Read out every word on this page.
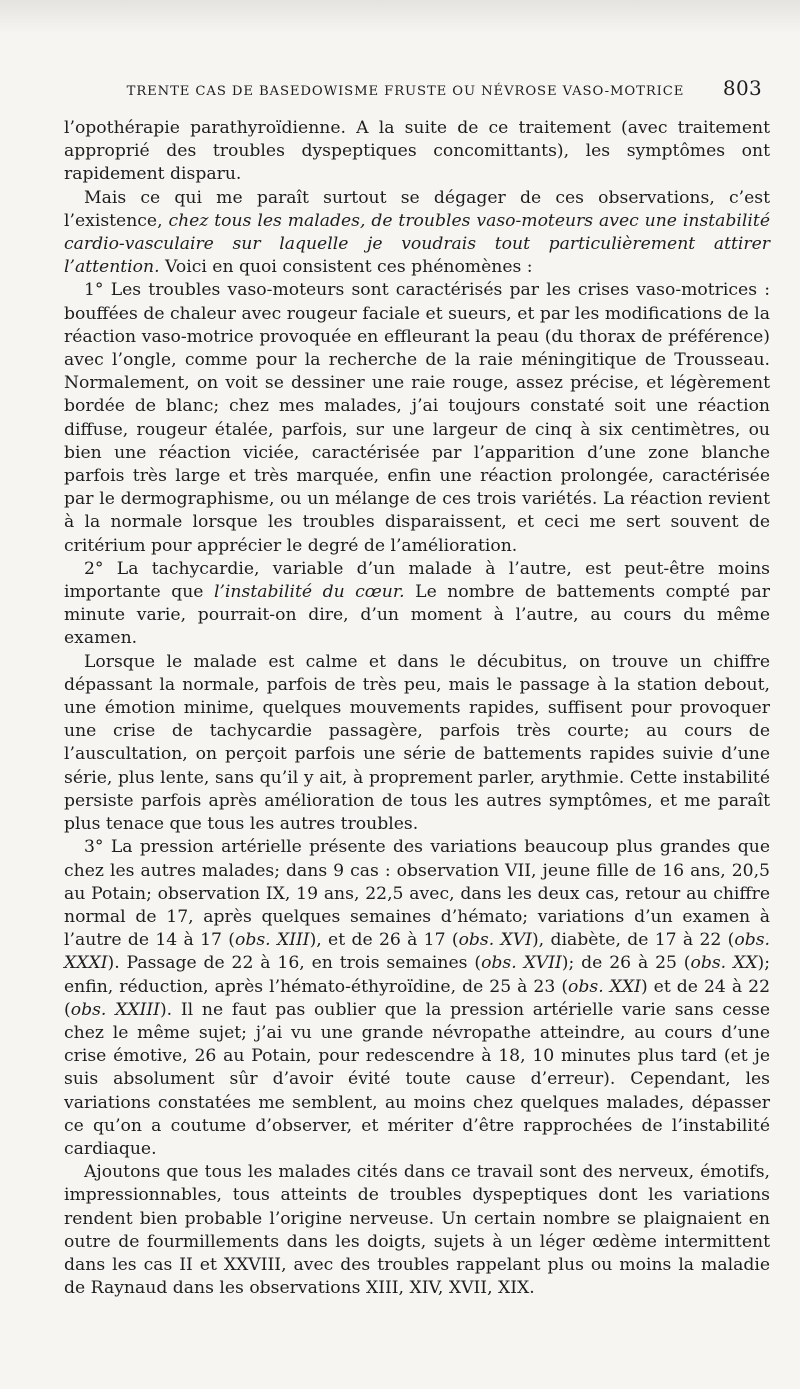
TRENTE CAS DE BASEDOWISME FRUSTE OU NÉVROSE VASO-MOTRICE	803

l’opothérapie parathyroïdienne. A la suite de ce traitement (avec traitement approprié des troubles dyspeptiques concomittants), les symptômes ont rapidement disparu.

Mais ce qui me paraît surtout se dégager de ces observations, c’est l’existence, chez tous les malades, de troubles vaso-moteurs avec une instabilité cardio-vasculaire sur laquelle je voudrais tout particulièrement attirer l’attention. Voici en quoi consistent ces phénomènes :

1° Les troubles vaso-moteurs sont caractérisés par les crises vaso-motrices : bouffées de chaleur avec rougeur faciale et sueurs, et par les modifications de la réaction vaso-motrice provoquée en effleurant la peau (du thorax de préférence) avec l’ongle, comme pour la recherche de la raie méningitique de Trousseau. Normalement, on voit se dessiner une raie rouge, assez précise, et légèrement bordée de blanc; chez mes malades, j’ai toujours constaté soit une réaction diffuse, rougeur étalée, parfois, sur une largeur de cinq à six centimètres, ou bien une réaction viciée, caractérisée par l’apparition d’une zone blanche parfois très large et très marquée, enfin une réaction prolongée, caractérisée par le dermographisme, ou un mélange de ces trois variétés. La réaction revient à la normale lorsque les troubles disparaissent, et ceci me sert souvent de critérium pour apprécier le degré de l’amélioration.

2° La tachycardie, variable d’un malade à l’autre, est peut-être moins importante que l’instabilité du cœur. Le nombre de battements compté par minute varie, pourrait-on dire, d’un moment à l’autre, au cours du même examen.

Lorsque le malade est calme et dans le décubitus, on trouve un chiffre dépassant la normale, parfois de très peu, mais le passage à la station debout, une émotion minime, quelques mouvements rapides, suffisent pour provoquer une crise de tachycardie passagère, parfois très courte; au cours de l’auscultation, on perçoit parfois une série de battements rapides suivie d’une série, plus lente, sans qu’il y ait, à proprement parler, arythmie. Cette instabilité persiste parfois après amélioration de tous les autres symptômes, et me paraît plus tenace que tous les autres troubles.

3° La pression artérielle présente des variations beaucoup plus grandes que chez les autres malades; dans 9 cas : observation VII, jeune fille de 16 ans, 20,5 au Potain; observation IX, 19 ans, 22,5 avec, dans les deux cas, retour au chiffre normal de 17, après quelques semaines d’hémato; variations d’un examen à l’autre de 14 à 17 (obs. XIII), et de 26 à 17 (obs. XVI), diabète, de 17 à 22 (obs. XXXI). Passage de 22 à 16, en trois semaines (obs. XVII); de 26 à 25 (obs. XX); enfin, réduction, après l’hémato-éthyroïdine, de 25 à 23 (obs. XXI) et de 24 à 22 (obs. XXIII). Il ne faut pas oublier que la pression artérielle varie sans cesse chez le même sujet; j’ai vu une grande névropathe atteindre, au cours d’une crise émotive, 26 au Potain, pour redescendre à 18, 10 minutes plus tard (et je suis absolument sûr d’avoir évité toute cause d’erreur). Cependant, les variations constatées me semblent, au moins chez quelques malades, dépasser ce qu’on a coutume d’observer, et mériter d’être rapprochées de l’instabilité cardiaque.

Ajoutons que tous les malades cités dans ce travail sont des nerveux, émotifs, impressionnables, tous atteints de troubles dyspeptiques dont les variations rendent bien probable l’origine nerveuse. Un certain nombre se plaignaient en outre de fourmillements dans les doigts, sujets à un léger œdème intermittent dans les cas II et XXVIII, avec des troubles rappelant plus ou moins la maladie de Raynaud dans les observations XIII, XIV, XVII, XIX.
